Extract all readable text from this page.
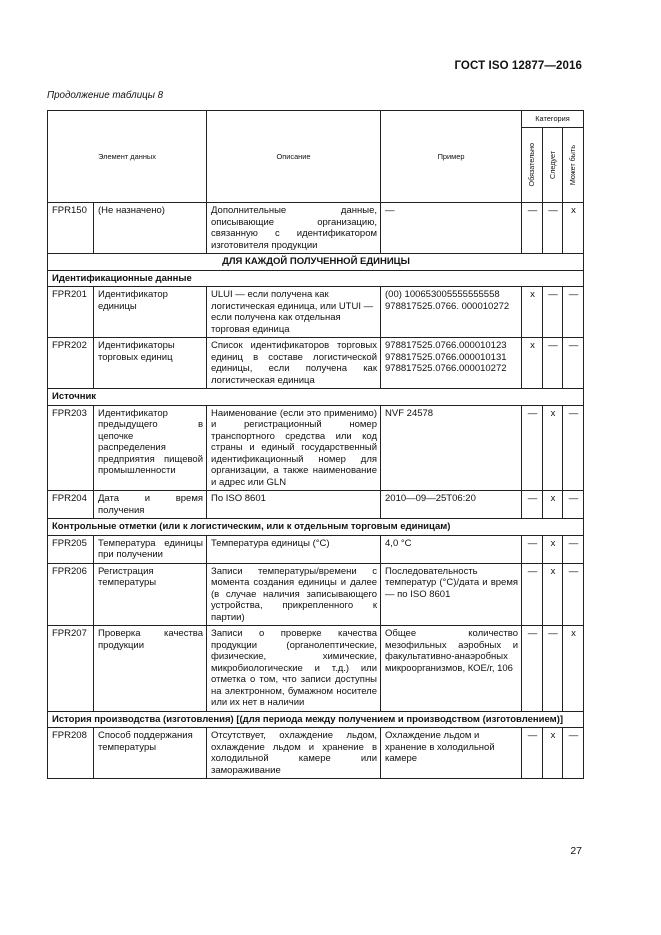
ГОСТ ISO 12877—2016
Продолжение таблицы 8
Элемент данных		Описание	Пример	Категория		

				Обязательно	Следует	Может быть

FPR150	(Не назначено)	Дополнительные данные, описывающие организацию, связанную с идентификатором изготовителя продукции	—	—	—	x
ДЛЯ КАЖДОЙ ПОЛУЧЕННОЙ ЕДИНИЦЫ						
Идентификационные данные						
FPR201	Идентификатор единицы	ULUI — если получена как логистическая единица, или UTUI — если получена как отдельная торговая единица	(00) 100653005555555558 978817525.0766. 000010272	x	—	—
FPR202	Идентификаторы торговых единиц	Список идентификаторов торговых единиц в составе логистической единицы, если получена как логистическая единица	978817525.0766.000010123 978817525.0766.000010131 978817525.0766.000010272	x	—	—
Источник						
FPR203	Идентификатор предыдущего в цепочке распределения предприятия пищевой промышленности	Наименование (если это применимо) и регистрационный номер транспортного средства или код страны и единый государственный идентификационный номер для организации, а также наименование и адрес или GLN	NVF 24578	—	x	—
FPR204	Дата и время получения	По ISO 8601	2010—09—25T06:20	—	x	—
Контрольные отметки (или к логистическим, или к отдельным торговым единицам)						
FPR205	Температура единицы при получении	Температура единицы (°C)	4,0 °C	—	x	—
FPR206	Регистрация температуры	Записи температуры/времени с момента создания единицы и далее (в случае наличия записывающего устройства, прикрепленного к партии)	Последовательность температур (°C)/дата и время — по ISO 8601	—	x	—
FPR207	Проверка качества продукции	Записи о проверке качества продукции (органолептические, физические, химические, микробиологические и т.д.) или отметка о том, что записи доступны на электронном, бумажном носителе или их нет в наличии	Общее количество мезофильных аэробных и факультативно-анаэробных микроорганизмов, КОЕ/г, 106	—	—	x
История производства (изготовления) [(для периода между получением и производством (изготовлением)]						
FPR208	Способ поддержания температуры	Отсутствует, охлаждение льдом, охлаждение льдом и хранение в холодильной камере или замораживание	Охлаждение льдом и хранение в холодильной камере	—	x	—
27
